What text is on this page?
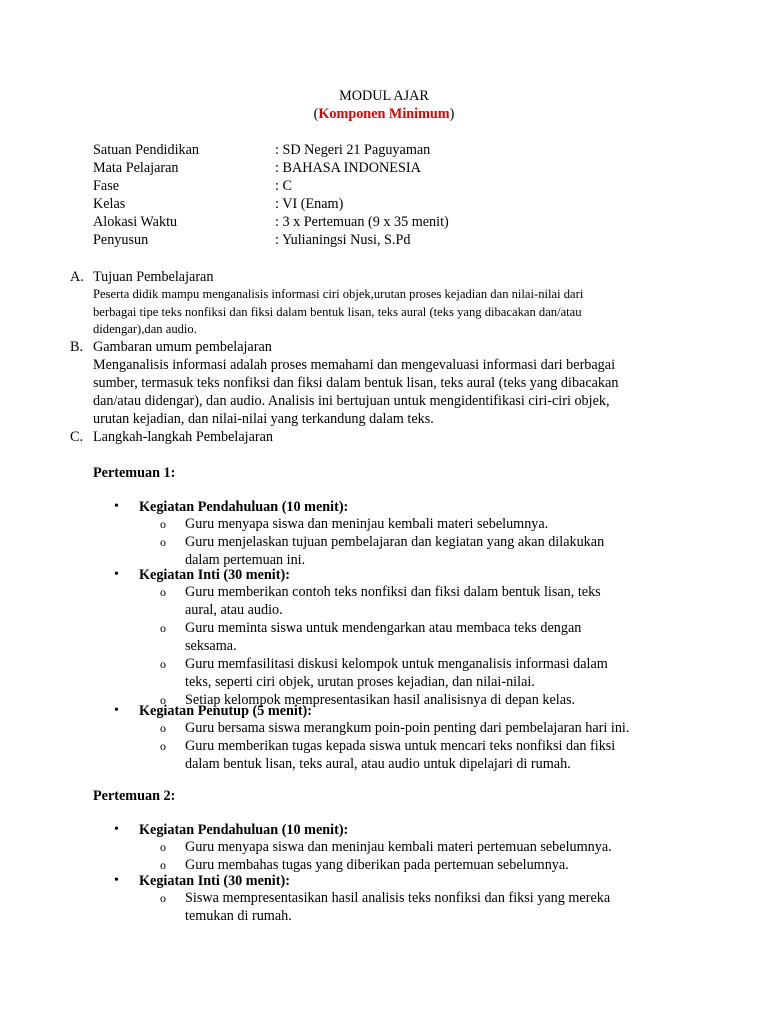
MODUL AJAR
(Komponen Minimum)
Satuan Pendidikan	: SD Negeri 21 Paguyaman
Mata Pelajaran	: BAHASA INDONESIA
Fase	: C
Kelas	: VI (Enam)
Alokasi Waktu	: 3 x Pertemuan (9 x 35 menit)
Penyusun	: Yulianingsi Nusi, S.Pd
A. Tujuan Pembelajaran
Peserta didik mampu menganalisis informasi ciri objek,urutan proses kejadian dan nilai-nilai dari
berbagai tipe teks nonfiksi dan fiksi dalam bentuk lisan, teks aural (teks yang dibacakan dan/atau
didengar),dan audio.
B. Gambaran umum pembelajaran
Menganalisis informasi adalah proses memahami dan mengevaluasi informasi dari berbagai
sumber, termasuk teks nonfiksi dan fiksi dalam bentuk lisan, teks aural (teks yang dibacakan
dan/atau didengar), dan audio. Analisis ini bertujuan untuk mengidentifikasi ciri-ciri objek,
urutan kejadian, dan nilai-nilai yang terkandung dalam teks.
C. Langkah-langkah Pembelajaran
Pertemuan 1:
• Kegiatan Pendahuluan (10 menit):
o Guru menyapa siswa dan meninjau kembali materi sebelumnya.
o Guru menjelaskan tujuan pembelajaran dan kegiatan yang akan dilakukan
dalam pertemuan ini.
• Kegiatan Inti (30 menit):
o Guru memberikan contoh teks nonfiksi dan fiksi dalam bentuk lisan, teks
aural, atau audio.
o Guru meminta siswa untuk mendengarkan atau membaca teks dengan
seksama.
o Guru memfasilitasi diskusi kelompok untuk menganalisis informasi dalam
teks, seperti ciri objek, urutan proses kejadian, dan nilai-nilai.
o Setiap kelompok mempresentasikan hasil analisisnya di depan kelas.
• Kegiatan Penutup (5 menit):
o Guru bersama siswa merangkum poin-poin penting dari pembelajaran hari ini.
o Guru memberikan tugas kepada siswa untuk mencari teks nonfiksi dan fiksi
dalam bentuk lisan, teks aural, atau audio untuk dipelajari di rumah.
Pertemuan 2:
• Kegiatan Pendahuluan (10 menit):
o Guru menyapa siswa dan meninjau kembali materi pertemuan sebelumnya.
o Guru membahas tugas yang diberikan pada pertemuan sebelumnya.
• Kegiatan Inti (30 menit):
o Siswa mempresentasikan hasil analisis teks nonfiksi dan fiksi yang mereka
temukan di rumah.
